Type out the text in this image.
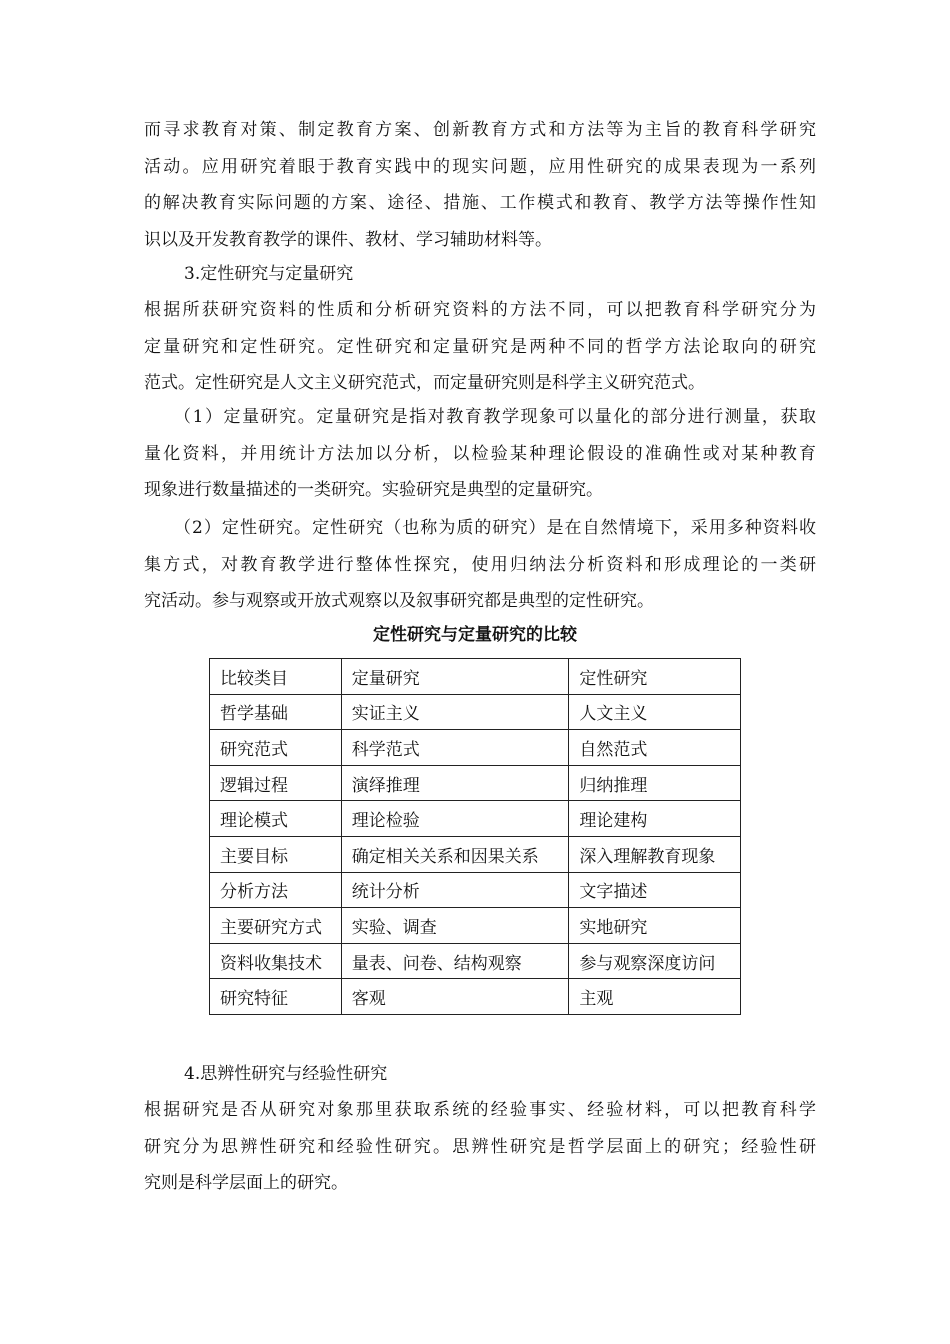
而寻求教育对策、制定教育方案、创新教育方式和方法等为主旨的教育科学研究
活动。应用研究着眼于教育实践中的现实问题，应用性研究的成果表现为一系列
的解决教育实际问题的方案、途径、措施、工作模式和教育、教学方法等操作性知
识以及开发教育教学的课件、教材、学习辅助材料等。

3.定性研究与定量研究

根据所获研究资料的性质和分析研究资料的方法不同，可以把教育科学研究分为
定量研究和定性研究。定性研究和定量研究是两种不同的哲学方法论取向的研究
范式。定性研究是人文主义研究范式，而定量研究则是科学主义研究范式。
（1）定量研究。定量研究是指对教育教学现象可以量化的部分进行测量，获取
量化资料，并用统计方法加以分析，以检验某种理论假设的准确性或对某种教育
现象进行数量描述的一类研究。实验研究是典型的定量研究。
（2）定性研究。定性研究（也称为质的研究）是在自然情境下，采用多种资料收
集方式，对教育教学进行整体性探究，使用归纳法分析资料和形成理论的一类研
究活动。参与观察或开放式观察以及叙事研究都是典型的定性研究。

定性研究与定量研究的比较

比较类目	定量研究	定性研究
哲学基础	实证主义	人文主义
研究范式	科学范式	自然范式
逻辑过程	演绎推理	归纳推理
理论模式	理论检验	理论建构
主要目标	确定相关关系和因果关系	深入理解教育现象
分析方法	统计分析	文字描述
主要研究方式	实验、调查	实地研究
资料收集技术	量表、问卷、结构观察	参与观察深度访问
研究特征	客观	主观

4.思辨性研究与经验性研究

根据研究是否从研究对象那里获取系统的经验事实、经验材料，可以把教育科学
研究分为思辨性研究和经验性研究。思辨性研究是哲学层面上的研究；经验性研
究则是科学层面上的研究。
